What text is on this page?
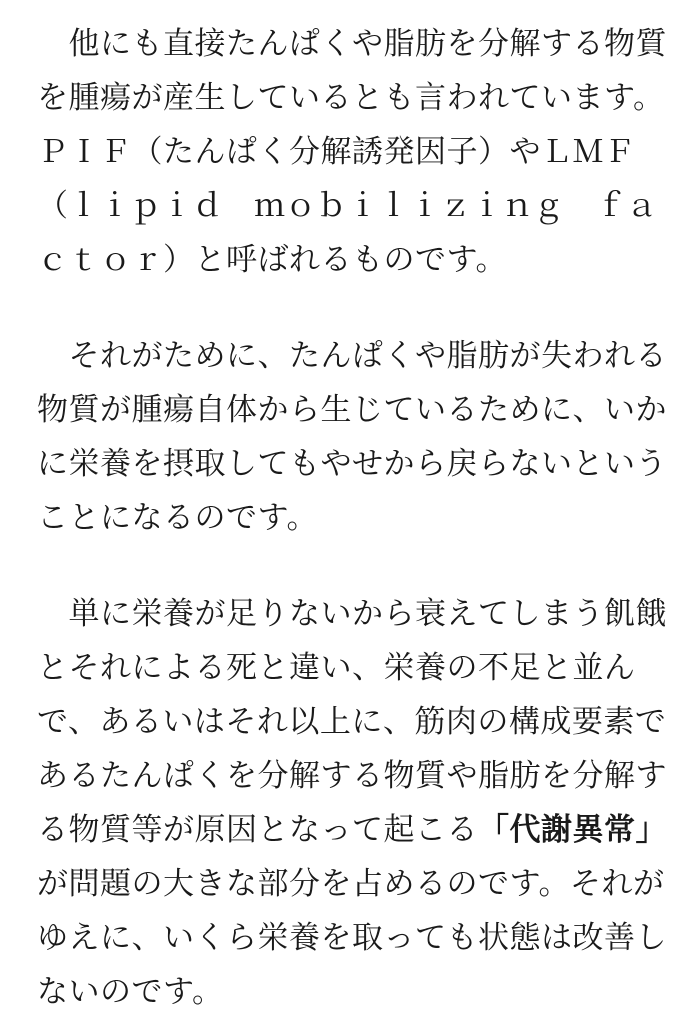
　他にも直接たんぱくや脂肪を分解する物質
を腫瘍が産生しているとも言われています。
ＰＩＦ（たんぱく分解誘発因子）やＬＭＦ
（ ｌ ｉ ｐ ｉ ｄ
　 ｍ ｏ ｂ ｉ ｌ ｉ ｚ ｉ ｎ ｇ
　 ｆ ａ
ｃｔｏｒ）と呼ばれるものです。
　それがために、たんぱくや脂肪が失われる
物質が腫瘍自体から生じているために、いか
に栄養を摂取してもやせから戻らないという
ことになるのです。
　単に栄養が足りないから衰えてしまう飢餓
とそれによる死と違い、栄養の不足と並ん
で、あるいはそれ以上に、筋肉の構成要素で
あるたんぱくを分解する物質や脂肪を分解す
る物質等が原因となって起こる「代謝異常」
が問題の大きな部分を占めるのです。それが
ゆえに、いくら栄養を取っても状態は改善し
ないのです。
